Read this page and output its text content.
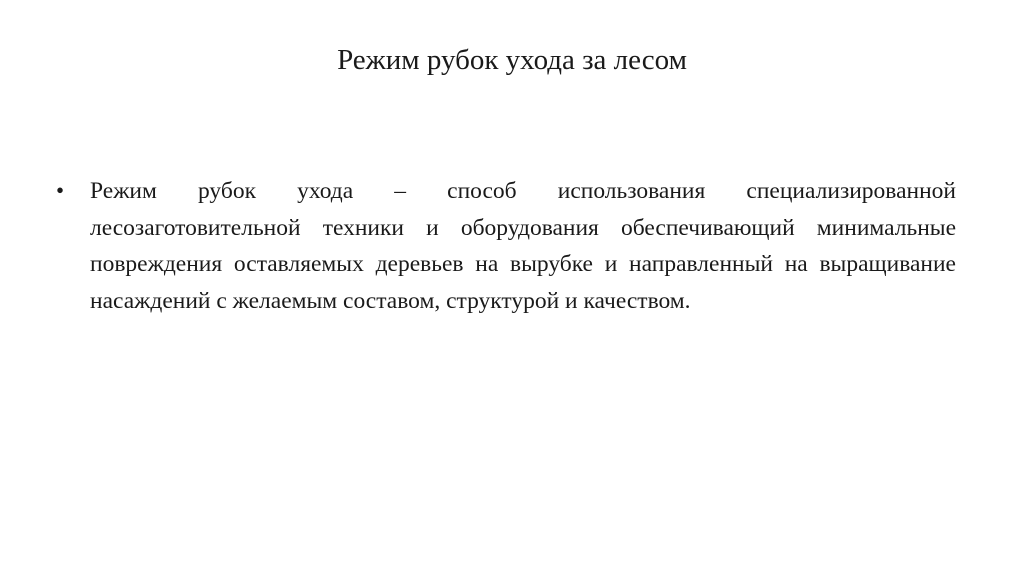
Режим рубок ухода за лесом
•	Режим рубок ухода – способ использования специализированной лесозаготовительной техники и оборудования обеспечивающий минимальные повреждения оставляемых деревьев на вырубке и направленный на выращивание насаждений с желаемым составом, структурой и качеством.
